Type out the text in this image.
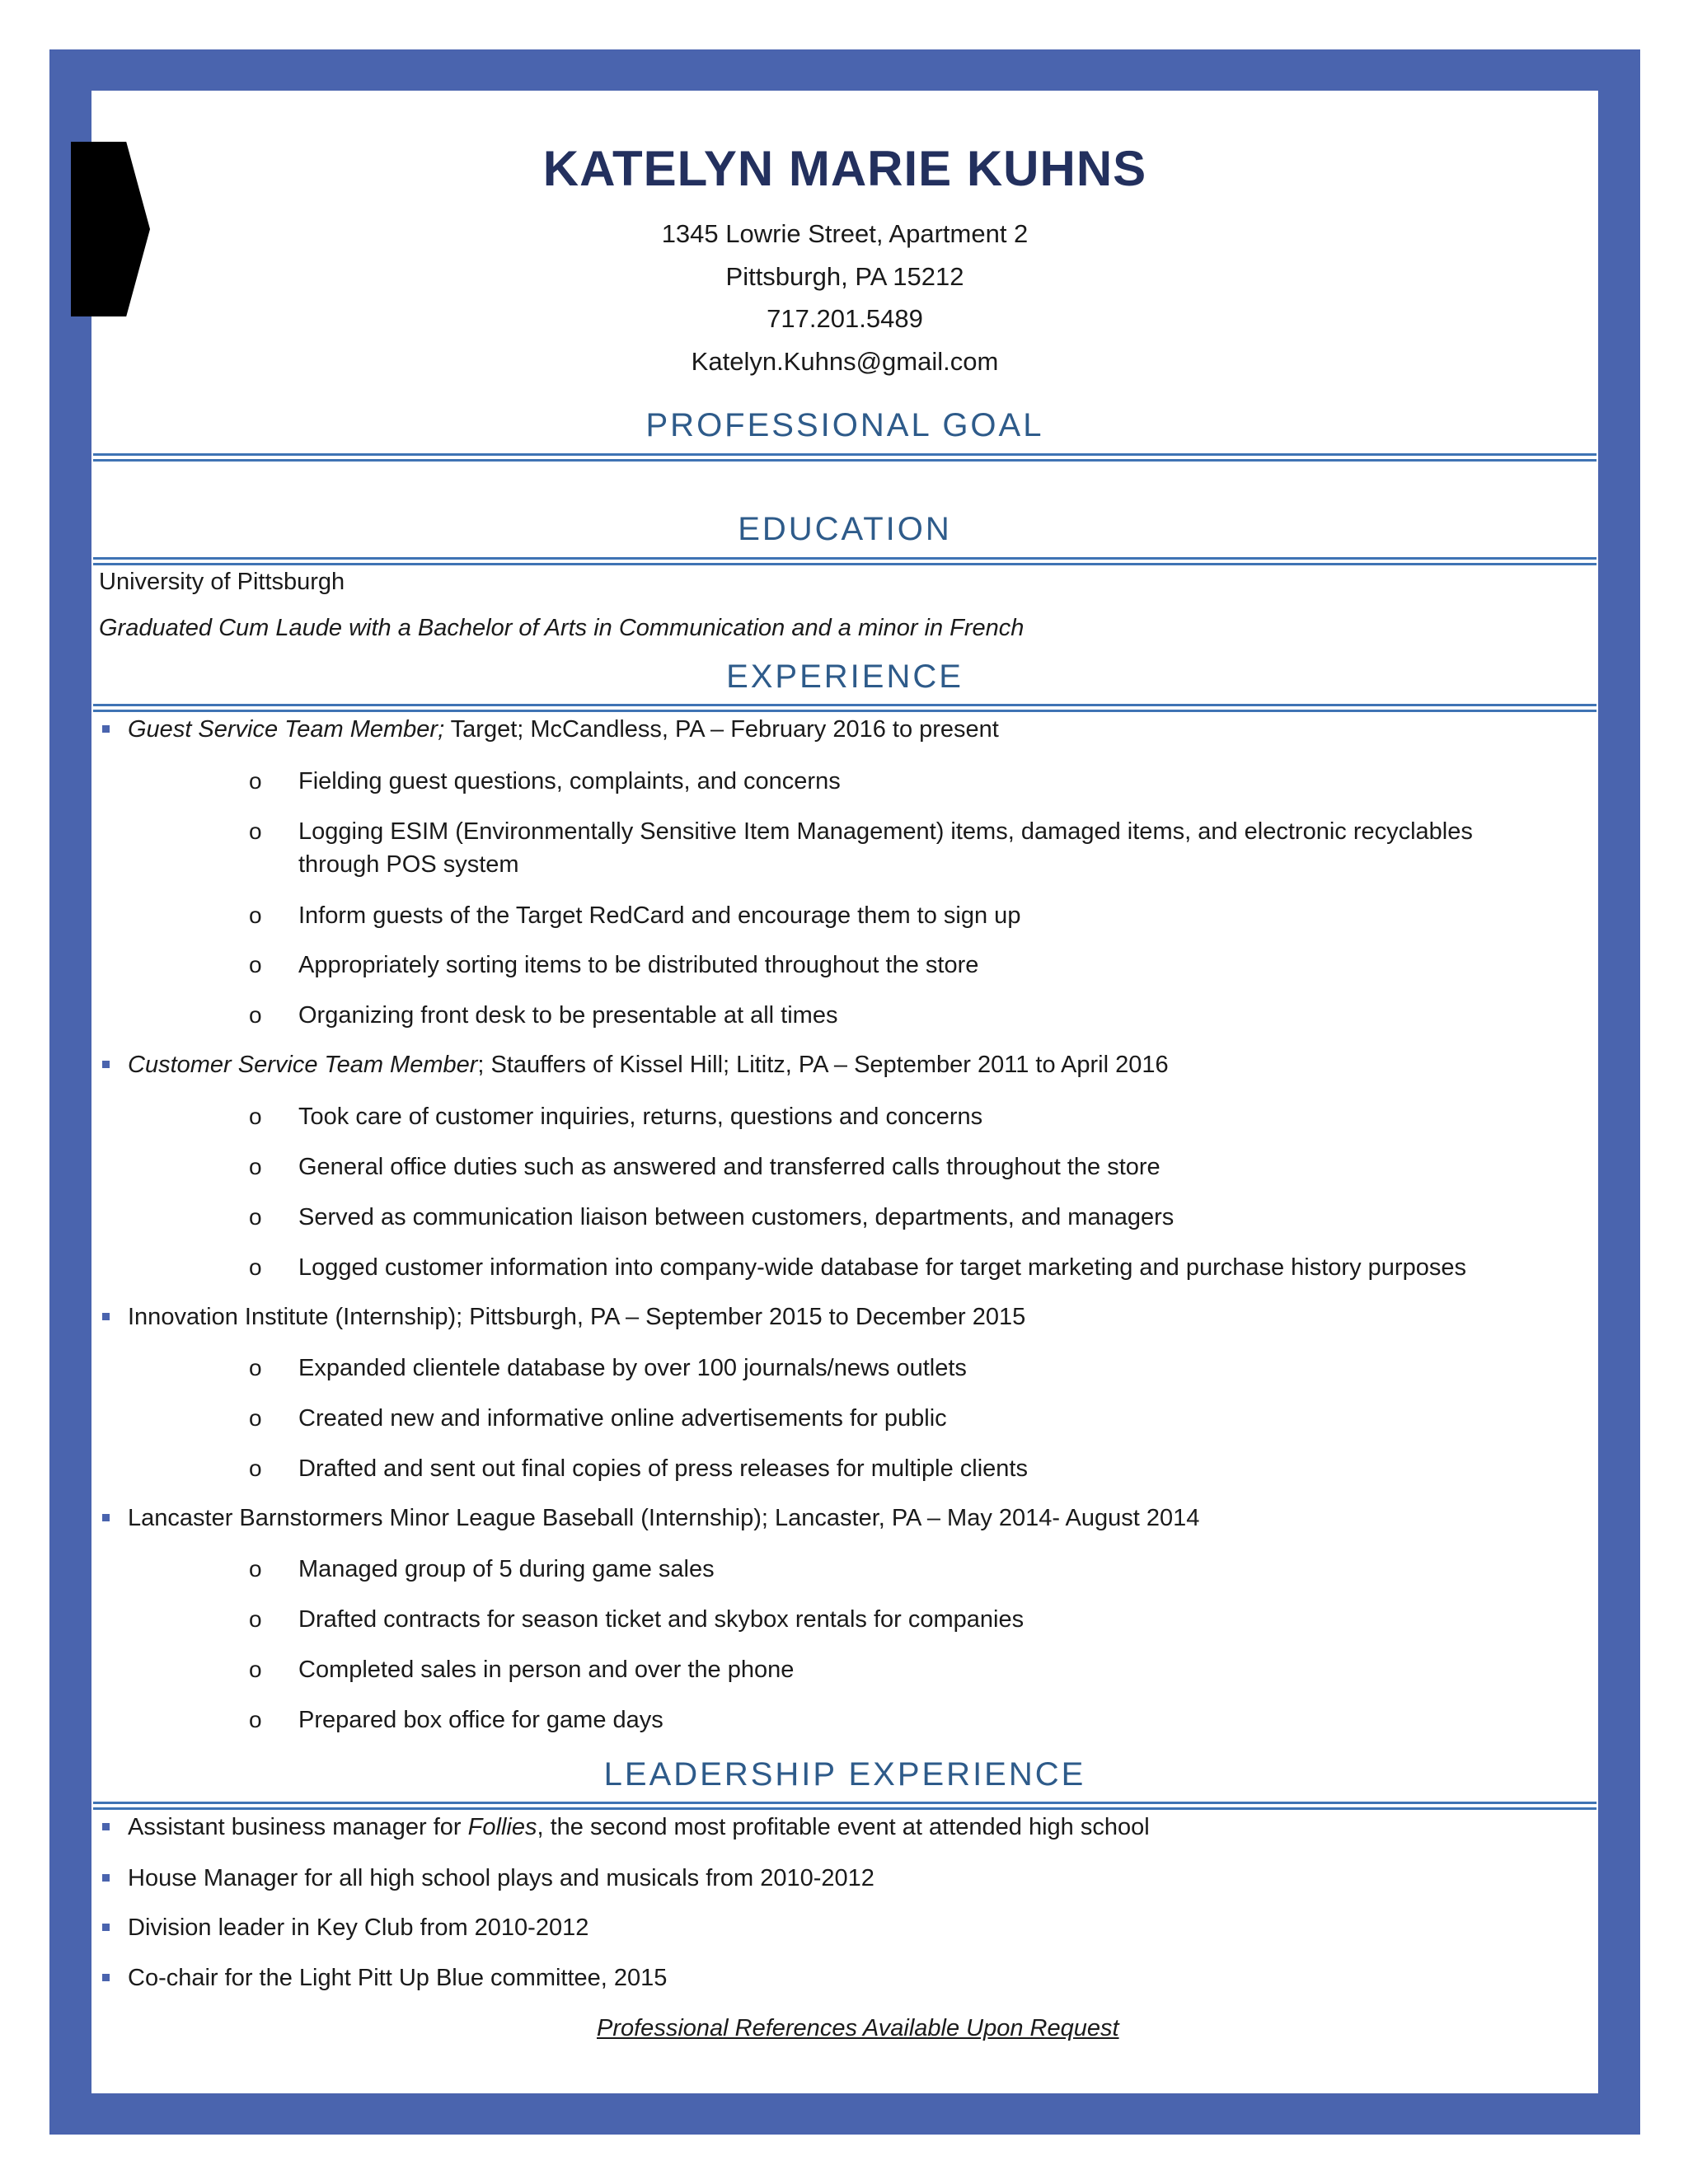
KATELYN MARIE KUHNS
1345 Lowrie Street, Apartment 2
Pittsburgh, PA 15212
717.201.5489
Katelyn.Kuhns@gmail.com
PROFESSIONAL GOAL
EDUCATION
University of Pittsburgh
Graduated Cum Laude with a Bachelor of Arts in Communication and a minor in French
EXPERIENCE
Guest Service Team Member; Target; McCandless, PA – February 2016 to present
o Fielding guest questions, complaints, and concerns
o Logging ESIM (Environmentally Sensitive Item Management) items, damaged items, and electronic recyclables
through POS system
o Inform guests of the Target RedCard and encourage them to sign up
o Appropriately sorting items to be distributed throughout the store
o Organizing front desk to be presentable at all times
Customer Service Team Member; Stauffers of Kissel Hill; Lititz, PA – September 2011 to April 2016
o Took care of customer inquiries, returns, questions and concerns
o General office duties such as answered and transferred calls throughout the store
o Served as communication liaison between customers, departments, and managers
o Logged customer information into company-wide database for target marketing and purchase history purposes
Innovation Institute (Internship); Pittsburgh, PA – September 2015 to December 2015
o Expanded clientele database by over 100 journals/news outlets
o Created new and informative online advertisements for public
o Drafted and sent out final copies of press releases for multiple clients
Lancaster Barnstormers Minor League Baseball (Internship); Lancaster, PA – May 2014- August 2014
o Managed group of 5 during game sales
o Drafted contracts for season ticket and skybox rentals for companies
o Completed sales in person and over the phone
o Prepared box office for game days
LEADERSHIP EXPERIENCE
Assistant business manager for Follies, the second most profitable event at attended high school
House Manager for all high school plays and musicals from 2010-2012
Division leader in Key Club from 2010-2012
Co-chair for the Light Pitt Up Blue committee, 2015
Professional References Available Upon Request
